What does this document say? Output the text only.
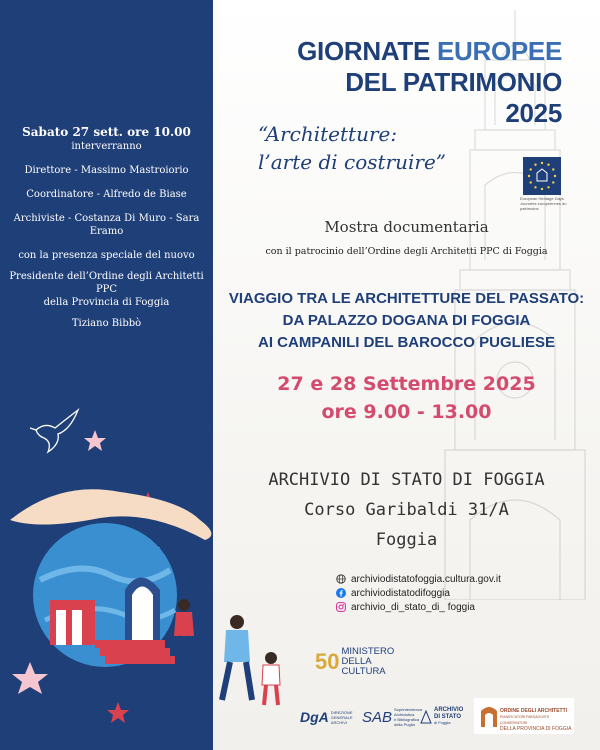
Sabato 27 sett. ore 10.00
interverranno
Direttore - Massimo Mastroiorio
Coordinatore - Alfredo de Biase
Archiviste - Costanza Di Muro - Sara Eramo
con la presenza speciale del nuovo
Presidente dell’Ordine degli Architetti PPC
della Provincia di Foggia
Tiziano Bibbò
GIORNATE EUROPEE
DEL PATRIMONIO
2025
European Heritage Days
Journées européennes du patrimoine
“Architetture:
l’arte di costruire”
Mostra documentaria
con il patrocinio dell’Ordine degli Architetti PPC di Foggia
VIAGGIO TRA LE ARCHITETTURE DEL PASSATO:
DA PALAZZO DOGANA DI FOGGIA
AI CAMPANILI DEL BAROCCO PUGLIESE
27 e 28 Settembre 2025
ore 9.00 - 13.00
ARCHIVIO DI STATO DI FOGGIA
Corso Garibaldi 31/A
Foggia
archiviodistatofoggia.cultura.gov.it
archiviodistatodifoggia
archivio_di_stato_di_ foggia
50 MINISTERO
DELLA
CULTURA
DgA DIREZIONE
GENERALE
ARCHIVI SAB Soprintendenza
Archivistica
e Bibliografica
della Puglia
ARCHIVIO
DI STATO
di Foggia
ORDINE DEGLI ARCHITETTI
PIANIFICATORI PAESAGGISTI CONSERVATORI
DELLA PROVINCIA DI FOGGIA
